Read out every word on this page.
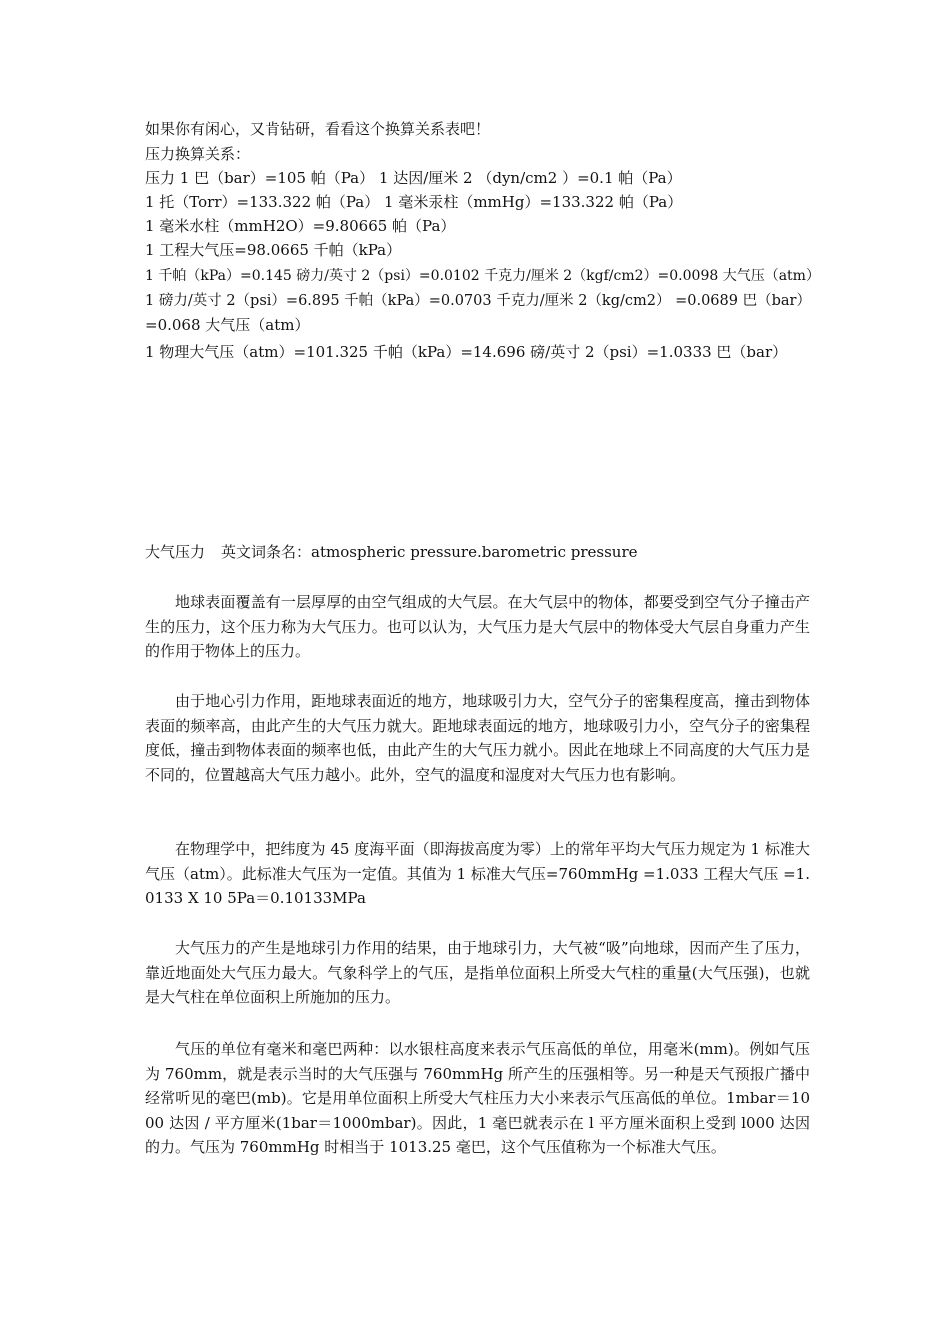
如果你有闲心，又肯钻研，看看这个换算关系表吧！
压力换算关系：
压力 1 巴（bar）=105 帕（Pa） 1 达因/厘米 2 （dyn/cm2 ）=0.1 帕（Pa）
1 托（Torr）=133.322 帕（Pa） 1 毫米汞柱（mmHg）=133.322 帕（Pa）
1 毫米水柱（mmH2O）=9.80665 帕（Pa）
1 工程大气压=98.0665 千帕（kPa）
1 千帕（kPa）=0.145 磅力/英寸 2（psi）=0.0102 千克力/厘米 2（kgf/cm2）=0.0098 大气压（atm）
1 磅力/英寸 2（psi）=6.895 千帕（kPa）=0.0703 千克力/厘米 2（kg/cm2） =0.0689 巴（bar）
=0.068 大气压（atm）
1 物理大气压（atm）=101.325 千帕（kPa）=14.696 磅/英寸 2（psi）=1.0333 巴（bar）
大气压力 英文词条名：atmospheric pressure.barometric pressure
地球表面覆盖有一层厚厚的由空气组成的大气层。在大气层中的物体，都要受到空气分子撞击产生的压力，这个压力称为大气压力。也可以认为，大气压力是大气层中的物体受大气层自身重力产生的作用于物体上的压力。
由于地心引力作用，距地球表面近的地方，地球吸引力大，空气分子的密集程度高，撞击到物体表面的频率高，由此产生的大气压力就大。距地球表面远的地方，地球吸引力小，空气分子的密集程度低，撞击到物体表面的频率也低，由此产生的大气压力就小。因此在地球上不同高度的大气压力是不同的，位置越高大气压力越小。此外，空气的温度和湿度对大气压力也有影响。
在物理学中，把纬度为 45 度海平面（即海拔高度为零）上的常年平均大气压力规定为 1 标准大气压（atm）。此标准大气压为一定值。其值为 1 标准大气压=760mmHg =1.033 工程大气压 =1.0133 X 10 5Pa＝0.10133MPa
大气压力的产生是地球引力作用的结果，由于地球引力，大气被“吸”向地球，因而产生了压力，靠近地面处大气压力最大。气象科学上的气压，是指单位面积上所受大气柱的重量(大气压强)，也就是大气柱在单位面积上所施加的压力。
气压的单位有毫米和毫巴两种：以水银柱高度来表示气压高低的单位，用毫米(mm)。例如气压为 760mm，就是表示当时的大气压强与 760mmHg 所产生的压强相等。另一种是天气预报广播中经常听见的毫巴(mb)。它是用单位面积上所受大气柱压力大小来表示气压高低的单位。1mbar＝1000 达因 / 平方厘米(1bar＝1000mbar)。因此，1 毫巴就表示在 l 平方厘米面积上受到 l000 达因的力。气压为 760mmHg 时相当于 1013.25 毫巴，这个气压值称为一个标准大气压。
